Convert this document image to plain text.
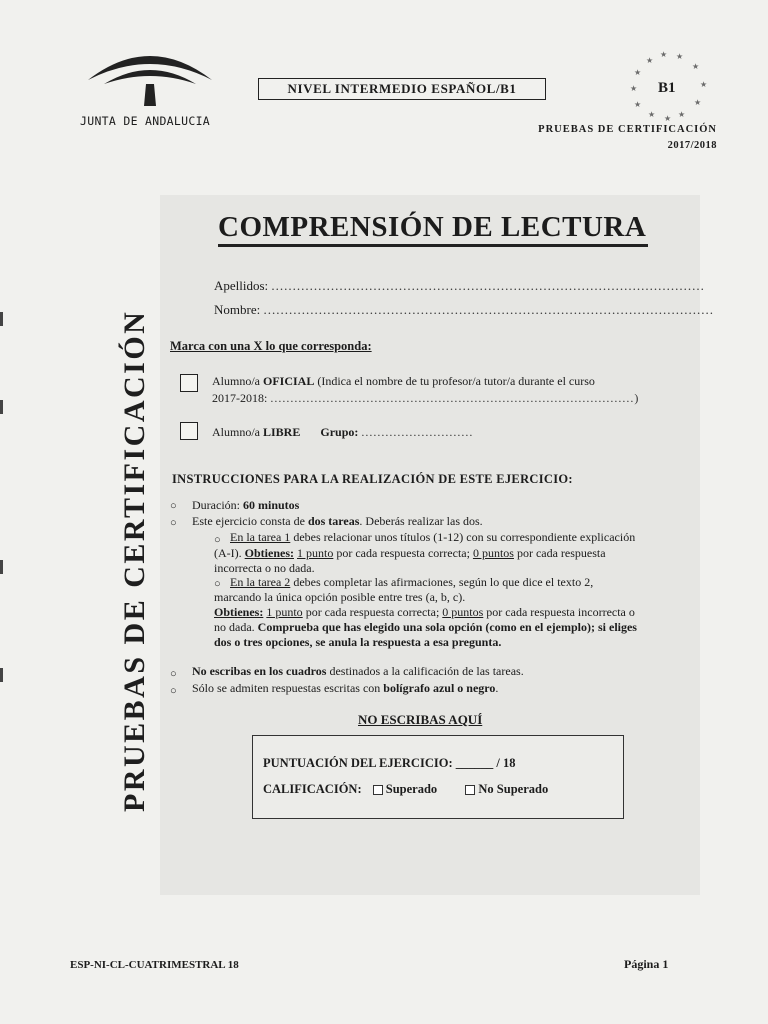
JUNTA DE ANDALUCIA
NIVEL INTERMEDIO ESPAÑOL/B1
★ ★
★
★
★
★
★
★
★
★
★ ★
B1
PRUEBAS DE CERTIFICACIÓN
2017/2018
PRUEBAS DE CERTIFICACIÓN
COMPRENSIÓN DE LECTURA
Apellidos: ......................................................................................................
Nombre: ..........................................................................................................
Marca con una X lo que corresponda:
Alumno/a OFICIAL (Indica el nombre de tu profesor/a tutor/a durante el curso
2017-2018: ...........................................................................................)
Alumno/a LIBRE Grupo: ............................
INSTRUCCIONES PARA LA REALIZACIÓN DE ESTE EJERCICIO:
○ Duración: 60 minutos
○ Este ejercicio consta de dos tareas. Deberás realizar las dos.
○ En la tarea 1 debes relacionar unos títulos (1-12) con su correspondiente explicación
(A-I). Obtienes: 1 punto por cada respuesta correcta; 0 puntos por cada respuesta
incorrecta o no dada.
○ En la tarea 2 debes completar las afirmaciones, según lo que dice el texto 2,
marcando la única opción posible entre tres (a, b, c).
Obtienes: 1 punto por cada respuesta correcta; 0 puntos por cada respuesta incorrecta o
no dada. Comprueba que has elegido una sola opción (como en el ejemplo); si eliges
dos o tres opciones, se anula la respuesta a esa pregunta.
○ No escribas en los cuadros destinados a la calificación de las tareas.
○ Sólo se admiten respuestas escritas con bolígrafo azul o negro.
NO ESCRIBAS AQUÍ
PUNTUACIÓN DEL EJERCICIO: ______ / 18
CALIFICACIÓN: Superado	No Superado
ESP-NI-CL-CUATRIMESTRAL 18	Página 1
